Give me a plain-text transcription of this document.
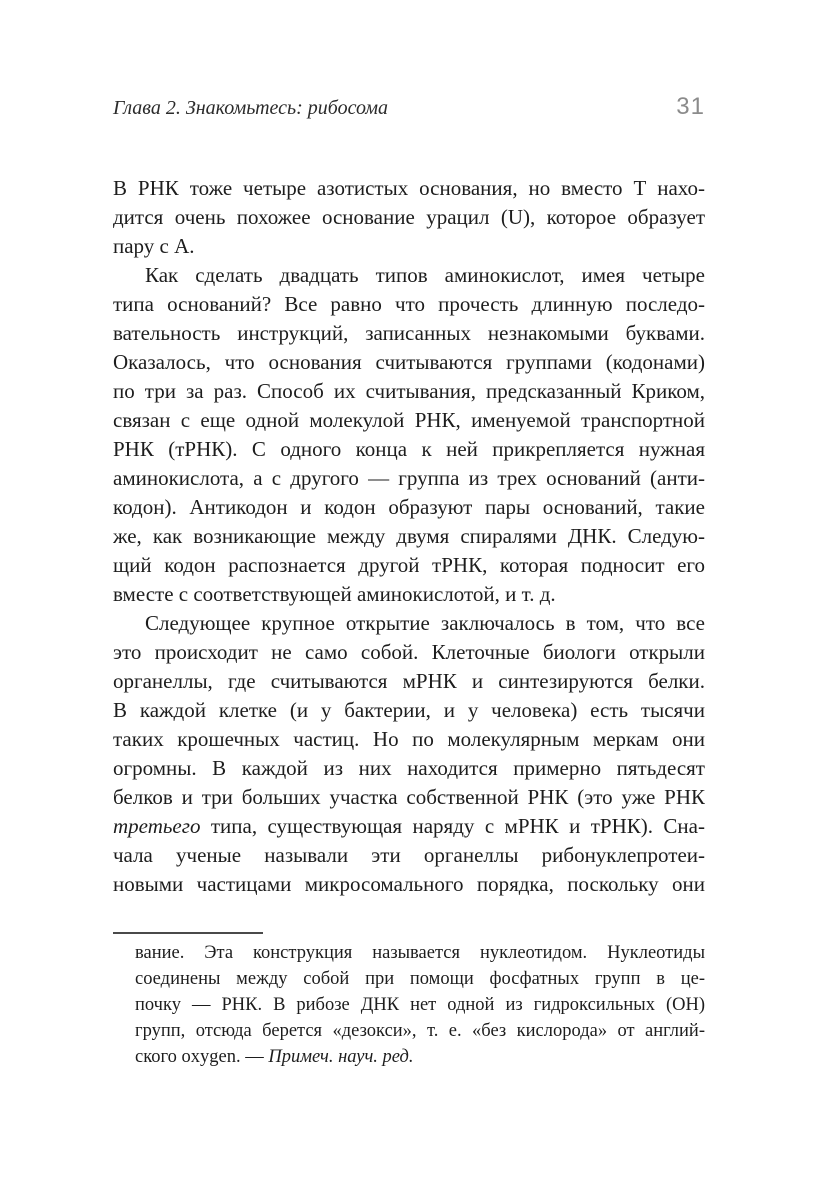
Глава 2. Знакомьтесь: рибосома	31
В РНК тоже четыре азотистых основания, но вместо Т нахо-
дится очень похожее основание урацил (U), которое образует
пару с А.
Как сделать двадцать типов аминокислот, имея четыре
типа оснований? Все равно что прочесть длинную последо-
вательность инструкций, записанных незнакомыми буквами.
Оказалось, что основания считываются группами (кодонами)
по три за раз. Способ их считывания, предсказанный Криком,
связан с еще одной молекулой РНК, именуемой транспортной
РНК (тРНК). С одного конца к ней прикрепляется нужная
аминокислота, а с другого — группа из трех оснований (анти-
кодон). Антикодон и кодон образуют пары оснований, такие
же, как возникающие между двумя спиралями ДНК. Следую-
щий кодон распознается другой тРНК, которая подносит его
вместе с соответствующей аминокислотой, и т. д.
Следующее крупное открытие заключалось в том, что все
это происходит не само собой. Клеточные биологи открыли
органеллы, где считываются мРНК и синтезируются белки.
В каждой клетке (и у бактерии, и у человека) есть тысячи
таких крошечных частиц. Но по молекулярным меркам они
огромны. В каждой из них находится примерно пятьдесят
белков и три больших участка собственной РНК (это уже РНК
третьего типа, существующая наряду с мРНК и тРНК). Сна-
чала ученые называли эти органеллы рибонуклепротеи-
новыми частицами микросомального порядка, поскольку они
вание. Эта конструкция называется нуклеотидом. Нуклеотиды
соединены между собой при помощи фосфатных групп в це-
почку — РНК. В рибозе ДНК нет одной из гидроксильных (ОН)
групп, отсюда берется «дезокси», т. е. «без кислорода» от англий-
ского oxygen. — Примеч. науч. ред.
